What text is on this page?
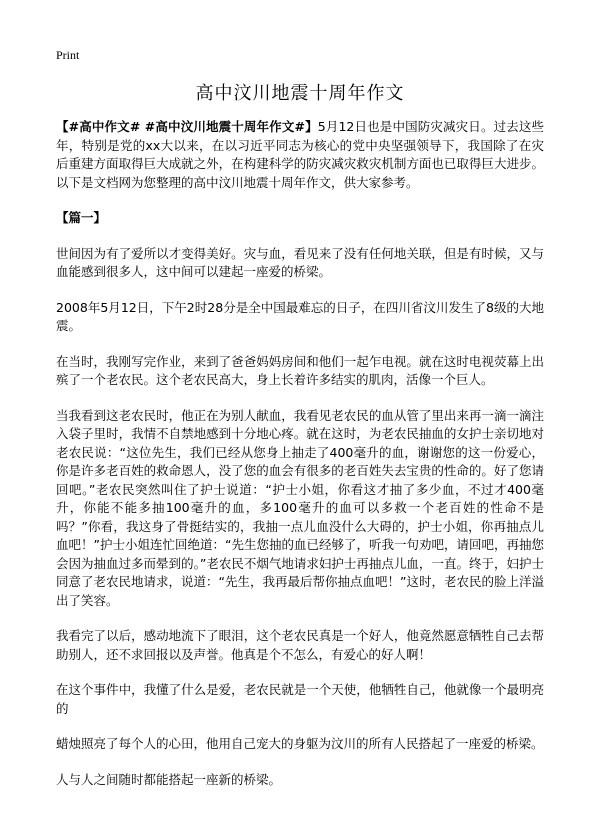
Print
高中汶川地震十周年作文

【#高中作文# #高中汶川地震十周年作文#】5月12日也是中国防灾减灾日。过去这些年，特别是党的xx大以来，在以习近平同志为核心的党中央坚强领导下，我国除了在灾后重建方面取得巨大成就之外，在构建科学的防灾减灾救灾机制方面也已取得巨大进步。以下是文档网为您整理的高中汶川地震十周年作文，供大家参考。

【篇一】

世间因为有了爱所以才变得美好。灾与血，看见来了没有任何地关联，但是有时候，又与血能感到很多人，这中间可以建起一座爱的桥梁。

2008年5月12日，下午2时28分是全中国最难忘的日子，在四川省汶川发生了8级的大地震。

在当时，我刚写完作业，来到了爸爸妈妈房间和他们一起乍电视。就在这时电视荧幕上出殡了一个老农民。这个老农民高大，身上长着许多结实的肌肉，活像一个巨人。

当我看到这老农民时，他正在为别人献血，我看见老农民的血从管了里出来再一滴一滴注入袋子里时，我情不自禁地感到十分地心疼。就在这时，为老农民抽血的女护士亲切地对老农民说：“这位先生，我们已经从您身上抽走了400毫升的血，谢谢您的这一份爱心，你是许多老百姓的救命恩人，没了您的血会有很多的老百姓失去宝贵的性命的。好了您请回吧。”老农民突然叫住了护士说道：“护士小姐，你看这才抽了多少血，不过才400毫升，你能不能多抽100毫升的血，多100毫升的血可以多救一个老百姓的性命不是吗？”你看，我这身了骨挺结实的，我抽一点儿血没什么大碍的，护士小姐，你再抽点儿血吧！”护士小姐连忙回绝道：“先生您抽的血已经够了，听我一句劝吧，请回吧，再抽您会因为抽血过多而晕到的。”老农民不烟气地请求妇护士再抽点儿血，一直。终于，妇护士同意了老农民地请求，说道：“先生，我再最后帮你抽点血吧！”这时，老农民的脸上洋溢出了笑容。

我看完了以后，感动地流下了眼泪，这个老农民真是一个好人，他竟然愿意牺牲自己去帮助别人，还不求回报以及声誉。他真是个不怎么，有爱心的好人啊！

在这个事件中，我懂了什么是爱，老农民就是一个天使，他牺牲自己，他就像一个最明亮的

蜡烛照亮了每个人的心田，他用自己宠大的身躯为汶川的所有人民搭起了一座爱的桥梁。

人与人之间随时都能搭起一座新的桥梁。
